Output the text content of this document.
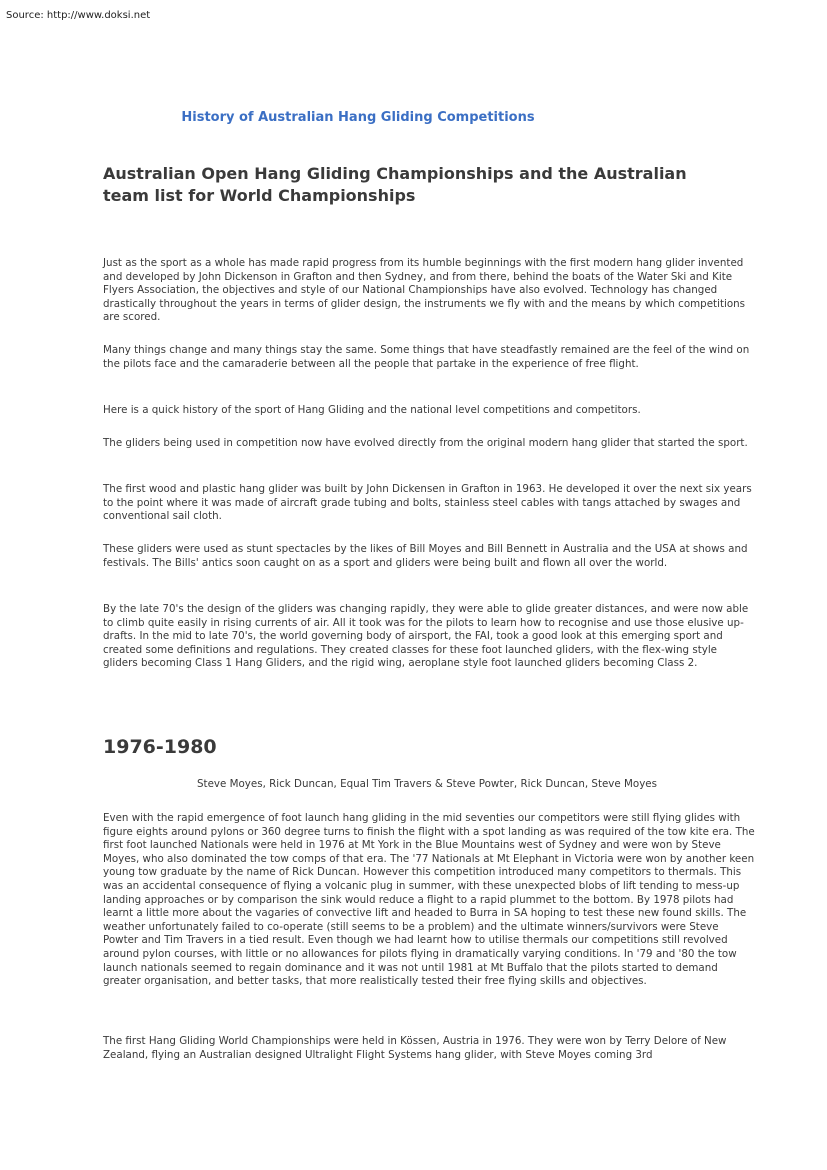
Source: http://www.doksi.net
History of Australian Hang Gliding Competitions
Australian Open Hang Gliding Championships and the Australian team list for World Championships

Just as the sport as a whole has made rapid progress from its humble beginnings with the first modern hang glider invented and developed by John Dickenson in Grafton and then Sydney, and from there, behind the boats of the Water Ski and Kite Flyers Association, the objectives and style of our National Championships have also evolved. Technology has changed drastically throughout the years in terms of glider design, the instruments we fly with and the means by which competitions are scored.

Many things change and many things stay the same. Some things that have steadfastly remained are the feel of the wind on the pilots face and the camaraderie between all the people that partake in the experience of free flight.

Here is a quick history of the sport of Hang Gliding and the national level competitions and competitors.

The gliders being used in competition now have evolved directly from the original modern hang glider that started the sport.

The first wood and plastic hang glider was built by John Dickensen in Grafton in 1963. He developed it over the next six years to the point where it was made of aircraft grade tubing and bolts, stainless steel cables with tangs attached by swages and conventional sail cloth.

These gliders were used as stunt spectacles by the likes of Bill Moyes and Bill Bennett in Australia and the USA at shows and festivals. The Bills' antics soon caught on as a sport and gliders were being built and flown all over the world.

By the late 70's the design of the gliders was changing rapidly, they were able to glide greater distances, and were now able to climb quite easily in rising currents of air. All it took was for the pilots to learn how to recognise and use those elusive up-drafts. In the mid to late 70's, the world governing body of airsport, the FAI, took a good look at this emerging sport and created some definitions and regulations. They created classes for these foot launched gliders, with the flex-wing style gliders becoming Class 1 Hang Gliders, and the rigid wing, aeroplane style foot launched gliders becoming Class 2.

1976-1980
Steve Moyes, Rick Duncan, Equal Tim Travers & Steve Powter, Rick Duncan, Steve Moyes

Even with the rapid emergence of foot launch hang gliding in the mid seventies our competitors were still flying glides with figure eights around pylons or 360 degree turns to finish the flight with a spot landing as was required of the tow kite era. The first foot launched Nationals were held in 1976 at Mt York in the Blue Mountains west of Sydney and were won by Steve Moyes, who also dominated the tow comps of that era. The '77 Nationals at Mt Elephant in Victoria were won by another keen young tow graduate by the name of Rick Duncan. However this competition introduced many competitors to thermals. This was an accidental consequence of flying a volcanic plug in summer, with these unexpected blobs of lift tending to mess-up landing approaches or by comparison the sink would reduce a flight to a rapid plummet to the bottom. By 1978 pilots had learnt a little more about the vagaries of convective lift and headed to Burra in SA hoping to test these new found skills. The weather unfortunately failed to co-operate (still seems to be a problem) and the ultimate winners/survivors were Steve Powter and Tim Travers in a tied result. Even though we had learnt how to utilise thermals our competitions still revolved around pylon courses, with little or no allowances for pilots flying in dramatically varying conditions. In '79 and '80 the tow launch nationals seemed to regain dominance and it was not until 1981 at Mt Buffalo that the pilots started to demand greater organisation, and better tasks, that more realistically tested their free flying skills and objectives.

The first Hang Gliding World Championships were held in Kössen, Austria in 1976. They were won by Terry Delore of New Zealand, flying an Australian designed Ultralight Flight Systems hang glider, with Steve Moyes coming 3rd
